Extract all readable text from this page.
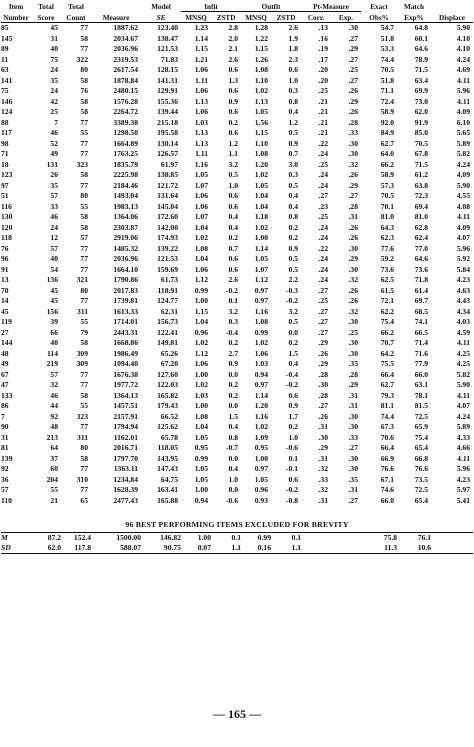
Item	Total	Total	Measure	Model	Infit		Outfit		Pt-Measure		Exact	Match	Displace
Number	Score	Count		SE	MNSQ	ZSTD	MNSQ	ZSTD	Corr.	Exp.	Obs%	Exp%	

85	45	77	1887.62	123.40	1.23	2.8	1.28	2.6	.13	.30	54.7	64.8	5.90
145	31	58	2034.67	138.47	1.14	2.0	1.22	1.9	.16	.27	51.8	60.1	4.10
89	40	77	2036.96	121.53	1.15	2.1	1.15	1.8	.19	.29	53.3	64.6	4.10
11	75	322	2319.53	71.83	1.21	2.6	1.26	2.3	.17	.27	74.4	78.9	4.24
63	24	80	2617.54	128.15	1.06	0.6	1.08	0.6	.20	.25	70.5	71.5	4.69
141	35	58	1878.84	141.31	1.11	1.3	1.10	1.0	.20	.27	51.8	63.4	4.11
75	24	76	2480.15	129.91	1.06	0.6	1.02	0.3	.25	.26	71.1	69.9	5.96
146	42	58	1576.28	155.36	1.13	0.9	1.13	0.8	.21	.29	72.4	73.0	4.11
124	25	58	2264.72	139.44	1.06	0.6	1.05	0.4	.21	.26	58.9	62.0	4.09
88	7	77	3389.38	215.18	1.03	0.2	1.56	1.2	.21	.28	92.0	91.9	6.10
117	46	55	1298.50	195.58	1.13	0.6	1.15	0.5	.21	.33	84.9	85.0	5.65
98	52	77	1664.89	130.14	1.13	1.2	1.10	0.9	.22	.30	62.7	70.5	5.89
71	49	77	1763.25	126.57	1.11	1.1	1.08	0.7	.24	.30	64.0	67.8	5.82
18	131	323	1835.79	61.97	1.16	3.2	1.20	3.0	.25	.32	66.2	71.5	4.24
123	26	58	2225.98	138.85	1.05	0.5	1.02	0.3	.24	.26	58.9	61.2	4.09
97	35	77	2184.46	121.72	1.07	1.0	1.05	0.5	.24	.29	57.3	63.8	5.90
51	57	80	1493.04	131.64	1.06	0.6	1.04	0.4	.27	.27	70.5	72.3	4.55
116	33	55	1983.13	145.04	1.06	0.6	1.04	0.4	.23	.28	70.1	69.4	4.08
130	46	58	1364.06	172.60	1.07	0.4	1.18	0.8	.25	.31	81.0	81.0	4.11
120	24	58	2303.87	142.00	1.04	0.4	1.02	0.2	.24	.26	64.3	62.8	4.09
118	12	57	2919.06	174.93	1.02	0.2	1.00	0.2	.24	.26	62.3	62.4	4.07
76	57	77	1485.32	139.22	1.08	0.7	1.14	0.9	.22	.30	77.6	77.0	5.96
96	40	77	2036.96	121.53	1.04	0.6	1.05	0.5	.24	.29	59.2	64.6	5.92
91	54	77	1664.10	159.69	1.06	0.6	1.07	0.5	.24	.30	73.6	73.6	5.84
13	136	321	1790.86	61.73	1.12	2.6	1.12	2.2	.24	.32	62.5	71.8	4.23
70	45	80	2017.83	118.91	0.99	-0.2	0.97	-0.3	.27	.26	61.5	61.4	4.63
14	45	77	1739.81	124.77	1.00	0.1	0.97	-0.2	.25	.26	72.1	69.7	4.43
45	156	311	1613.33	62.31	1.15	3.2	1.16	3.2	.27	.32	62.2	68.5	4.34
119	39	55	1714.01	156.73	1.04	0.3	1.08	0.5	.27	.30	75.4	74.1	4.03
27	66	79	2443.31	122.41	0.96	-0.4	0.99	0.0	.27	.25	66.2	66.5	4.59
144	40	58	1668.86	149.81	1.02	0.2	1.02	0.2	.29	.30	70.7	71.4	4.11
48	114	309	1986.49	65.26	1.12	2.7	1.06	1.5	.26	.30	64.2	71.6	4.25
49	219	309	1094.40	67.20	1.06	0.9	1.03	0.4	.29	.35	75.5	77.9	4.25
67	57	77	1676.38	127.60	1.00	0.0	0.94	-0.4	.28	.28	66.4	66.0	5.82
47	32	77	1977.72	122.03	1.02	0.2	0.97	-0.2	.30	.29	62.7	63.1	5.90
133	46	58	1364.13	165.82	1.03	0.2	1.14	0.6	.28	.31	79.3	78.1	4.11
86	44	55	1457.51	179.43	1.00	0.0	1.20	0.9	.27	.31	81.1	81.5	4.07
7	92	323	2157.91	66.52	1.08	1.5	1.16	1.7	.26	.30	74.4	72.5	4.24
90	48	77	1794.94	125.62	1.04	0.4	1.02	0.2	.31	.30	67.3	65.9	5.89
31	213	311	1162.01	65.78	1.05	0.8	1.09	1.0	.30	.33	70.6	75.4	4.33
81	64	80	2016.71	118.05	0.95	-0.7	0.95	-0.6	.29	.27	66.4	65.4	4.66
139	37	58	1797.70	143.95	0.99	0.0	1.00	0.1	.31	.30	66.9	66.8	4.11
92	60	77	1363.11	147.43	1.05	0.4	0.97	-0.1	.32	.30	76.6	76.6	5.96
36	204	310	1234.84	64.75	1.05	1.0	1.05	0.6	.33	.35	67.1	73.5	4.23
57	55	77	1628.39	163.41	1.00	0.0	0.96	-0.2	.32	.31	74.6	72.5	5.97
110	21	65	2477.43	165.88	0.94	-0.6	0.93	-0.8	.31	.27	66.0	65.4	5.41

96 BEST PERFORMING ITEMS EXCLUDED FOR BREVITY													

M	87.2	152.4	1500.00	146.82	1.00	0.1	0.99	0.1			75.8	76.1	
SD	62.0	117.8	588.07	90.75	0.07	1.1	0.16	1.1			11.3	10.6	

— 165 —
